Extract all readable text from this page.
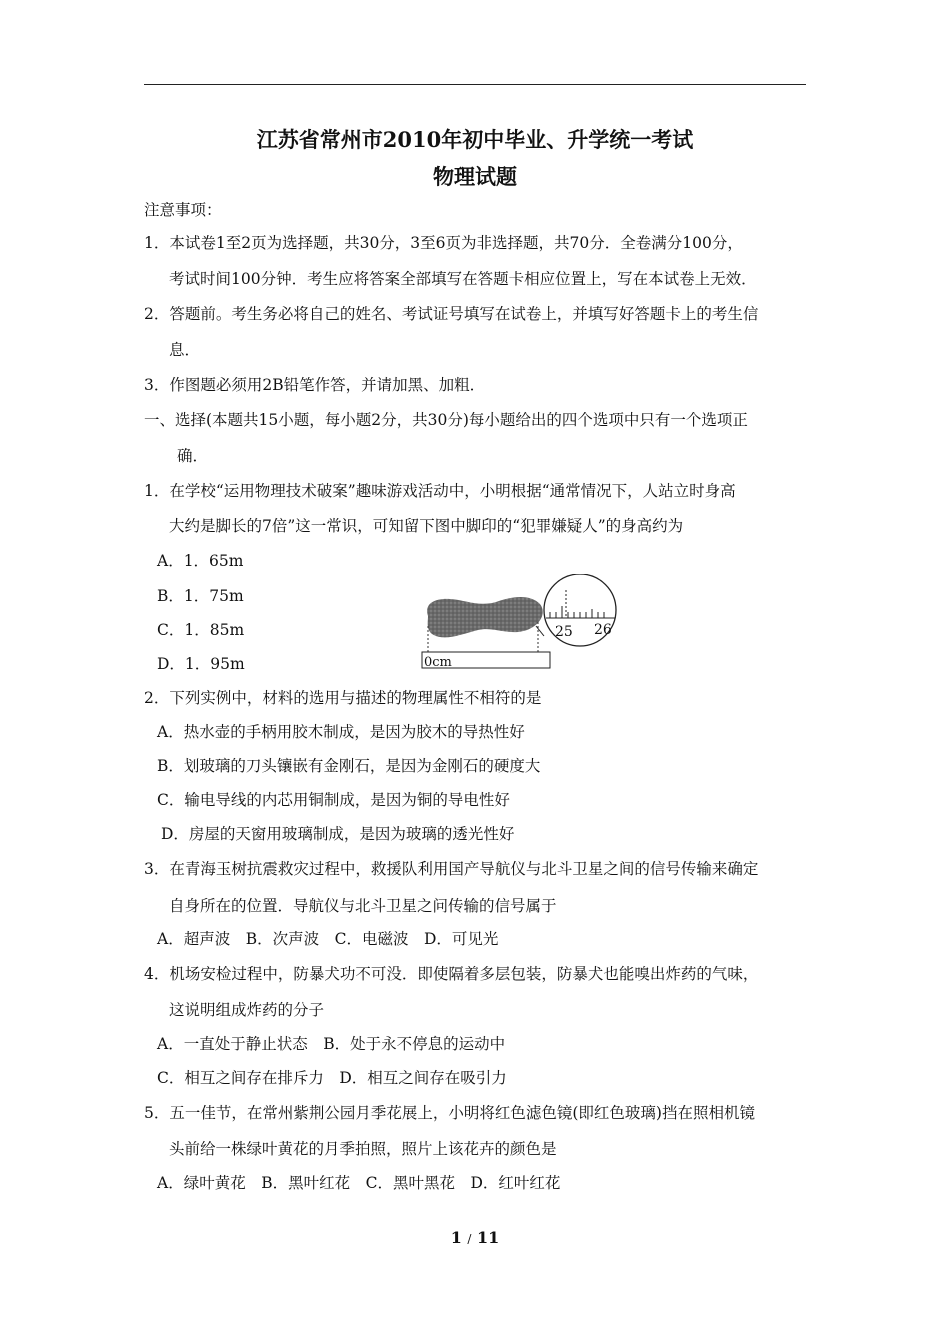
江苏省常州市2010年初中毕业、升学统一考试
物理试题
注意事项：
1．本试卷1至2页为选择题，共30分，3至6页为非选择题，共70分．全卷满分100分，
考试时间100分钟．考生应将答案全部填写在答题卡相应位置上，写在本试卷上无效．
2．答题前。考生务必将自己的姓名、考试证号填写在试卷上，并填写好答题卡上的考生信
息．
3．作图题必须用2B铅笔作答，并请加黑、加粗．
一、选择(本题共15小题，每小题2分，共30分)每小题给出的四个选项中只有一个选项正
确．
1．在学校“运用物理技术破案”趣味游戏活动中，小明根据“通常情况下，人站立时身高
大约是脚长的7倍”这一常识，可知留下图中脚印的“犯罪嫌疑人”的身高约为
A．1．65m
B．1．75m
C．1．85m
D．1．95m	0cm
25 26
2．下列实例中，材料的选用与描述的物理属性不相符的是
A．热水壶的手柄用胶木制成，是因为胶木的导热性好
B．划玻璃的刀头镶嵌有金刚石，是因为金刚石的硬度大
C．输电导线的内芯用铜制成，是因为铜的导电性好
D．房屋的天窗用玻璃制成，是因为玻璃的透光性好
3．在青海玉树抗震救灾过程中，救援队利用国产导航仪与北斗卫星之间的信号传输来确定
自身所在的位置．导航仪与北斗卫星之问传输的信号属于
A．超声波　B．次声波　C．电磁波　D．可见光
4．机场安检过程中，防暴犬功不可没．即使隔着多层包装，防暴犬也能嗅出炸药的气味，
这说明组成炸药的分子
A．一直处于静止状态　B．处于永不停息的运动中
C．相互之间存在排斥力　D．相互之间存在吸引力
5．五一佳节，在常州紫荆公园月季花展上，小明将红色滤色镜(即红色玻璃)挡在照相机镜
头前给一株绿叶黄花的月季拍照，照片上该花卉的颜色是
A．绿叶黄花　B．黑叶红花　C．黑叶黑花　D．红叶红花
1 / 11
